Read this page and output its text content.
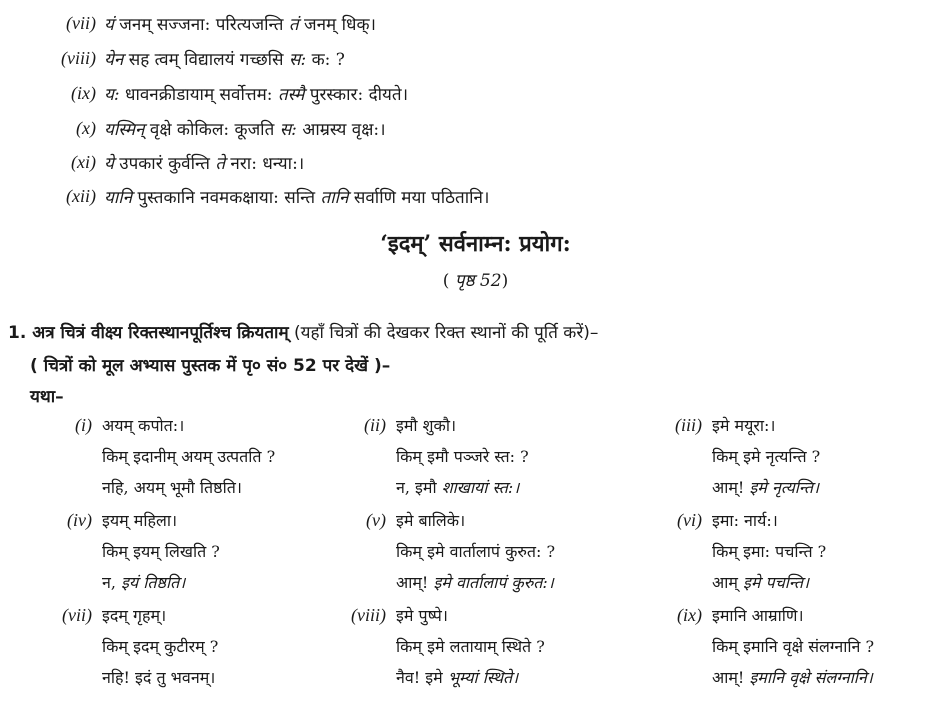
(vii) यं जनम् सज्जना: परित्यजन्ति तं जनम् धिक्।
(viii) येन सह त्वम् विद्यालयं गच्छसि स: क: ?
(ix) य: धावनक्रीडायाम् सर्वोत्तम: तस्मै पुरस्कार: दीयते।
(x) यस्मिन् वृक्षे कोकिल: कूजति स: आम्रस्य वृक्ष:।
(xi) ये उपकारं कुर्वन्ति ते नरा: धन्या:।
(xii) यानि पुस्तकानि नवमकक्षाया: सन्ति तानि सर्वाणि मया पठितानि।
‘इदम्’ सर्वनाम्न: प्रयोग:
( पृष्ठ 52)
1. अत्र चित्रं वीक्ष्य रिक्तस्थानपूर्तिश्च क्रियताम् (यहाँ चित्रों की देखकर रिक्त स्थानों की पूर्ति करें)–
( चित्रों को मूल अभ्यास पुस्तक में पृ० सं० 52 पर देखें )–
यथा–
(i) अयम् कपोत:।
किम् इदानीम् अयम् उत्पतति ?
नहि, अयम् भूमौ तिष्ठति।
(iv) इयम् महिला।
किम् इयम् लिखति ?
न, इयं तिष्ठति।
(vii) इदम् गृहम्।
किम् इदम् कुटीरम् ?
नहि! इदं तु भवनम्।
(ii) इमौ शुकौ।
किम् इमौ पञ्जरे स्त: ?
न, इमौ शाखायां स्त:।
(v) इमे बालिके।
किम् इमे वार्तालापं कुरुत: ?
आम्! इमे वार्तालापं कुरुत:।
(viii) इमे पुष्पे।
किम् इमे लतायाम् स्थिते ?
नैव! इमे भूम्यां स्थिते।
(iii) इमे मयूरा:।
किम् इमे नृत्यन्ति ?
आम्! इमे नृत्यन्ति।
(vi) इमा: नार्य:।
किम् इमा: पचन्ति ?
आम् इमे पचन्ति।
(ix) इमानि आम्राणि।
किम् इमानि वृक्षे संलग्नानि ?
आम्! इमानि वृक्षे संलग्नानि।
